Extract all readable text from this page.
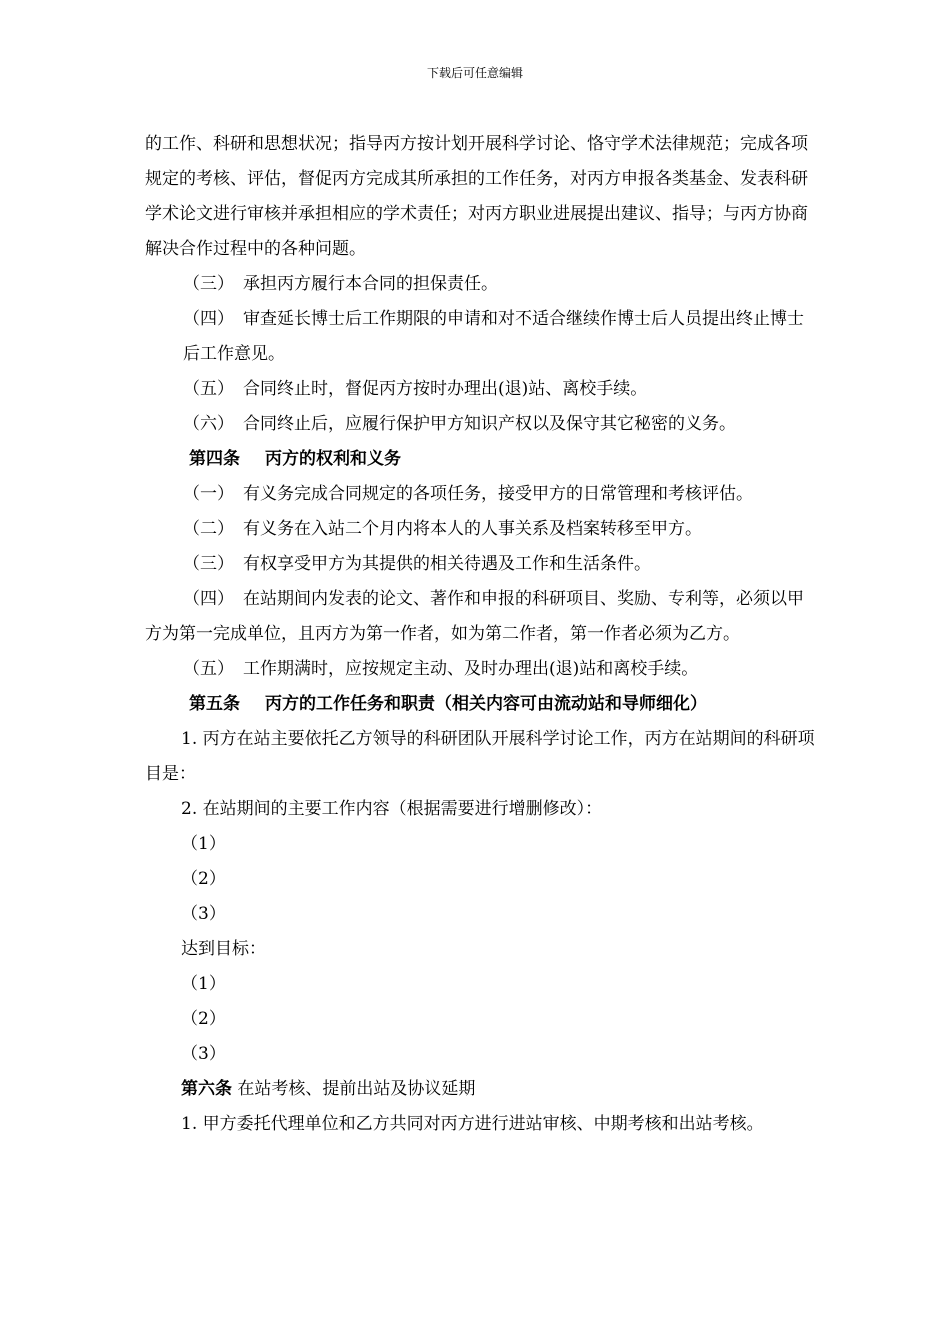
下载后可任意编辑

的工作、科研和思想状况；指导丙方按计划开展科学讨论、恪守学术法律规范；完成各项规定的考核、评估，督促丙方完成其所承担的工作任务，对丙方申报各类基金、发表科研学术论文进行审核并承担相应的学术责任；对丙方职业进展提出建议、指导；与丙方协商解决合作过程中的各种问题。

（三） 承担丙方履行本合同的担保责任。

（四） 审查延长博士后工作期限的申请和对不适合继续作博士后人员提出终止博士后工作意见。

（五） 合同终止时，督促丙方按时办理出(退)站、离校手续。

（六） 合同终止后，应履行保护甲方知识产权以及保守其它秘密的义务。

第四条 丙方的权利和义务

（一） 有义务完成合同规定的各项任务，接受甲方的日常管理和考核评估。

（二） 有义务在入站二个月内将本人的人事关系及档案转移至甲方。

（三） 有权享受甲方为其提供的相关待遇及工作和生活条件。

（四） 在站期间内发表的论文、著作和申报的科研项目、奖励、专利等，必须以甲方为第一完成单位，且丙方为第一作者，如为第二作者，第一作者必须为乙方。

（五） 工作期满时，应按规定主动、及时办理出(退)站和离校手续。

第五条 丙方的工作任务和职责（相关内容可由流动站和导师细化）

1. 丙方在站主要依托乙方领导的科研团队开展科学讨论工作，丙方在站期间的科研项目是：

2. 在站期间的主要工作内容（根据需要进行增删修改）：

（1）

（2）

（3）

达到目标：

（1）

（2）

（3）

第六条 在站考核、提前出站及协议延期

1. 甲方委托代理单位和乙方共同对丙方进行进站审核、中期考核和出站考核。
